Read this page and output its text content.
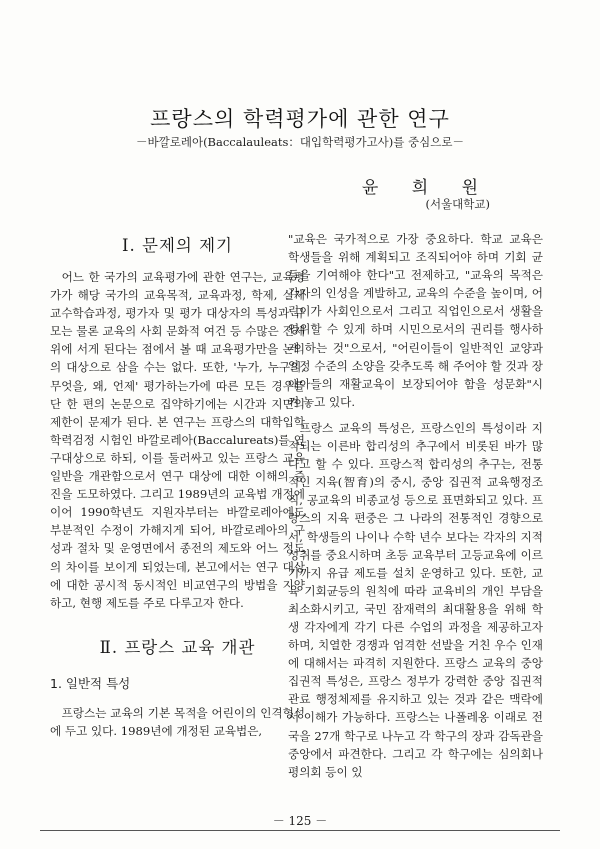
프랑스의 학력평가에 관한 연구
－바깔로레아(Baccalauleats：대입학력평가고사)를 중심으로－
윤 희 원
(서울대학교)
Ⅰ. 문제의 제기

어느 한 국가의 교육평가에 관한 연구는, 교육평가가 해당 국가의 교육목적, 교육과정, 학제, 실제 교수학습과정, 평가자 및 평가 대상자의 특성과 규모는 물론 교육의 사회 문화적 여건 등 수많은 전제 위에 서게 된다는 점에서 볼 때 교육평가만을 논의의 대상으로 삼을 수는 없다. 또한, '누가, 누구의, 무엇을, 왜, 언제' 평가하는가에 따른 모든 경우를 단 한 편의 논문으로 집약하기에는 시간과 지면의 제한이 문제가 된다. 본 연구는 프랑스의 대학입학 학력검정 시험인 바깔로레아(Baccalureats)를 연구대상으로 하되, 이를 둘러싸고 있는 프랑스 교육일반을 개관함으로서 연구 대상에 대한 이해의 증진을 도모하였다. 그리고 1989년의 교육법 개정에 이어 1990학년도 지원자부터는 바깔로레아에도 부분적인 수정이 가해지게 되어, 바깔로레아의 구성과 절차 및 운영면에서 종전의 제도와 어느 정도의 차이를 보이게 되었는데, 본고에서는 연구 대상에 대한 공시적 동시적인 비교연구의 방법을 지양하고, 현행 제도를 주로 다루고자 한다.

Ⅱ. 프랑스 교육 개관
1. 일반적 특성

프랑스는 교육의 기본 목적을 어린이의 인격형성에 두고 있다. 1989년에 개정된 교육법은,

"교육은 국가적으로 가장 중요하다. 학교 교육은 학생들을 위해 계획되고 조직되어야 하며 기회 균등을 기여해야 한다"고 전제하고, "교육의 목적은 각자의 인성을 계발하고, 교육의 수준을 높이며, 어린이가 사회인으로서 그리고 직업인으로서 생활을 영위할 수 있게 하며 시민으로서의 권리를 행사하게 하는 것"으로서, "어린이들이 일반적인 교양과 일정 수준의 소양을 갖추도록 해 주어야 할 것과 장애아들의 재활교육이 보장되어야 함을 성문화"시켜 놓고 있다.

프랑스 교육의 특성은, 프랑스인의 특성이라 지적되는 이른바 합리성의 추구에서 비롯된 바가 많다고 할 수 있다. 프랑스적 합리성의 추구는, 전통적인 지육(智育)의 중시, 중앙 집권적 교육행정조직, 공교육의 비종교성 등으로 표면화되고 있다. 프랑스의 지육 편중은 그 나라의 전통적인 경향으로서, 학생들의 나이나 수학 년수 보다는 각자의 지적 성취를 중요시하며 초등 교육부터 고등교육에 이르기까지 유급 제도를 설치 운영하고 있다. 또한, 교육 기회균등의 원칙에 따라 교육비의 개인 부담을 최소화시키고, 국민 잠재력의 최대활용을 위해 학생 각자에게 각기 다른 수업의 과정을 제공하고자 하며, 치열한 경쟁과 엄격한 선발을 거친 우수 인재에 대해서는 파격히 지원한다. 프랑스 교육의 중앙집권적 특성은, 프랑스 정부가 강력한 중앙 집권적 관료 행정체제를 유지하고 있는 것과 같은 맥락에서 이해가 가능하다. 프랑스는 나폴레옹 이래로 전국을 27개 학구로 나누고 각 학구의 장과 감독관을 중앙에서 파견한다. 그리고 각 학구에는 심의회나 평의회 등이 있

－ 125 －
